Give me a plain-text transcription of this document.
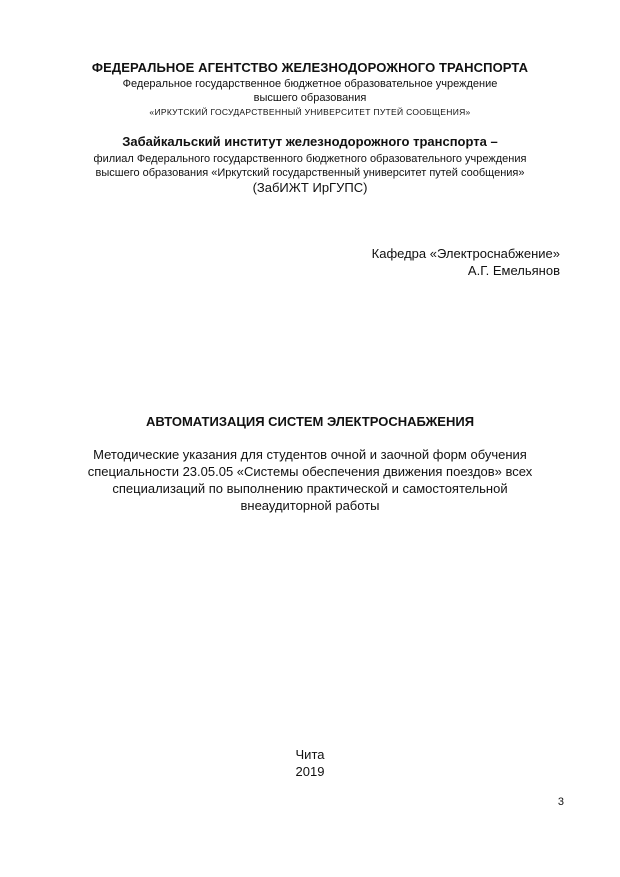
ФЕДЕРАЛЬНОЕ АГЕНТСТВО ЖЕЛЕЗНОДОРОЖНОГО ТРАНСПОРТА
Федеральное государственное бюджетное образовательное учреждение
высшего образования
«ИРКУТСКИЙ ГОСУДАРСТВЕННЫЙ УНИВЕРСИТЕТ ПУТЕЙ СООБЩЕНИЯ»
Забайкальский институт железнодорожного транспорта –
филиал Федерального государственного бюджетного образовательного учреждения
высшего образования «Иркутский государственный университет путей сообщения»
(ЗабИЖТ ИрГУПС)
Кафедра «Электроснабжение»
А.Г. Емельянов
АВТОМАТИЗАЦИЯ СИСТЕМ ЭЛЕКТРОСНАБЖЕНИЯ
Методические указания для студентов очной и заочной форм обучения
специальности 23.05.05 «Системы обеспечения движения поездов» всех
специализаций по выполнению практической и самостоятельной
внеаудиторной работы
Чита
2019
3
